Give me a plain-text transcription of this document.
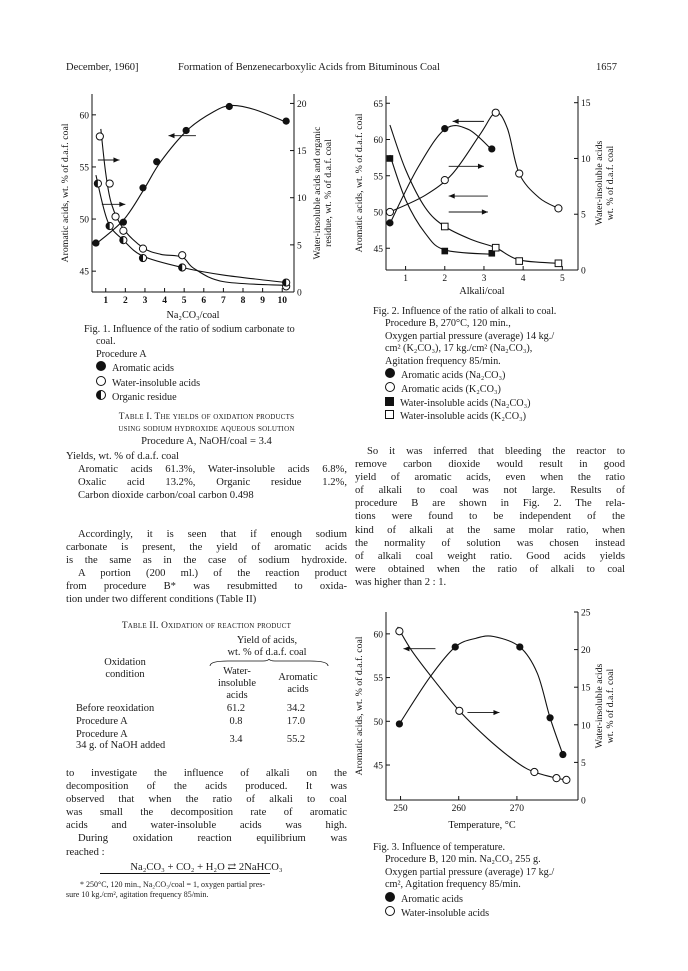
December, 1960]	Formation of Benzenecarboxylic Acids from Bituminous Coal	1657
45
50
55
60
0
5
10
15
20
1 2 3 4 5 6 7 8 9 10
Na₂CO₃/coal
Aromatic acids, wt. % of d.a.f. coal	Water-insoluble acids and organic residue, wt. % of d.a.f. coal
45
50
55
60
65
0
5
10
15
1	2	3	4	5
Alkali/coal
Aromatic acids, wt. % of d.a.f. coal	Water-insoluble acids wt. % of d.a.f. coal
45
50
55
60
0
5
10
15
20
25
250	260	270
Temperature, °C
Aromatic acids, wt. % of d.a.f. coal	Water-insoluble acids wt. % of d.a.f. coal
Fig. 1. Influence of the ratio of sodium carbonate to coal.
Procedure A
Aromatic acids
Water-insoluble acids
Organic residue
Fig. 2. Influence of the ratio of alkali to coal.
Procedure B, 270°C, 120 min.,
Oxygen partial pressure (average) 14 kg./
cm² (K₂CO₃), 17 kg./cm² (Na₂CO₃),
Agitation frequency 85/min.
Aromatic acids (Na₂CO₃)
Aromatic acids (K₂CO₃)
Water-insoluble acids (Na₂CO₃)
Water-insoluble acids (K₂CO₃)
Table I. The yields of oxidation products
using sodium hydroxide aqueous solution
Procedure A, NaOH/coal = 3.4
Yields, wt. % of d.a.f. coal
Aromatic acids 61.3%, Water-insoluble acids 6.8%,
Oxalic acid 13.2%, Organic residue 1.2%,
Carbon dioxide carbon/coal carbon 0.498
Accordingly, it is seen that if enough sodium
carbonate is present, the yield of aromatic acids
is the same as in the case of sodium hydroxide.
A portion (200 ml.) of the reaction product
from procedure B* was resubmitted to oxida-
tion under two different conditions (Table II)
Table II. Oxidation of reaction product
Yield of acids,
wt. % of d.a.f. coal
Oxidation
condition	Water-
insoluble
acids
Aromatic
acids
Before reoxidation	61.2	34.2
Procedure A	0.8	17.0
Procedure A
34 g. of NaOH added	3.4	55.2
to investigate the influence of alkali on the
decomposition of the acids produced. It was
observed that when the ratio of alkali to coal
was small the decomposition rate of aromatic
acids and water-insoluble acids was high.
During oxidation reaction equilibrium was
reached :
Na₂CO₃ + CO₂ + H₂O ⇄ 2NaHCO₃
* 250°C, 120 min., Na₂CO₃/coal = 1, oxygen partial pres-
sure 10 kg./cm², agitation frequency 85/min.
So it was inferred that bleeding the reactor to
remove carbon dioxide would result in good
yield of aromatic acids, even when the ratio
of alkali to coal was not large. Results of
procedure B are shown in Fig. 2. The rela-
tions were found to be independent of the
kind of alkali at the same molar ratio, when
the normality of solution was chosen instead
of alkali coal weight ratio. Good acids yields
were obtained when the ratio of alkali to coal
was higher than 2 : 1.
Fig. 3. Influence of temperature.
Procedure B, 120 min. Na₂CO₃ 255 g.
Oxygen partial pressure (average) 17 kg./
cm², Agitation frequency 85/min.
Aromatic acids
Water-insoluble acids
